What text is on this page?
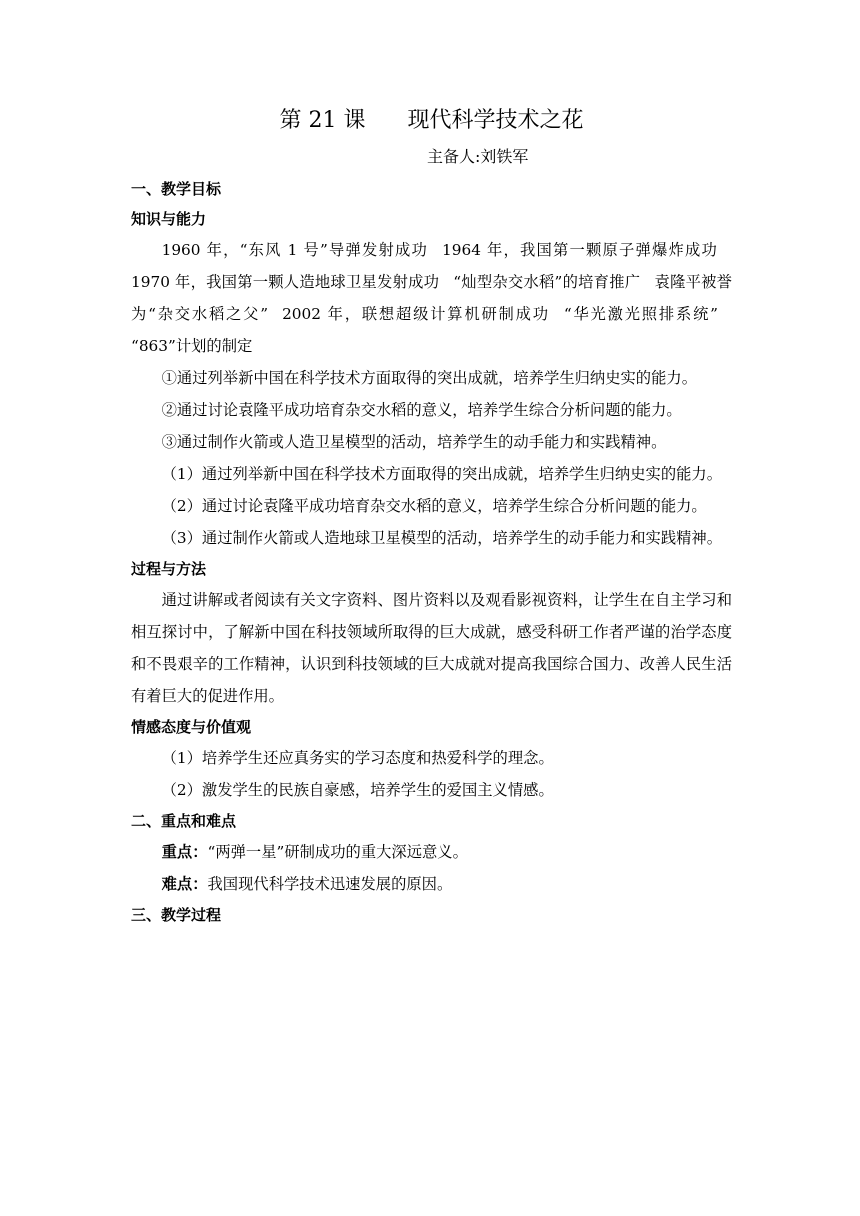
第 21 课 现代科学技术之花
主备人:刘铁军
一、教学目标
知识与能力

1960 年，“东风 1 号”导弹发射成功 1964 年，我国第一颗原子弹爆炸成功1970 年，我国第一颗人造地球卫星发射成功 “灿型杂交水稻”的培育推广 袁隆平被誉为“杂交水稻之父” 2002 年，联想超级计算机研制成功 “华光激光照排系统”“863”计划的制定

①通过列举新中国在科学技术方面取得的突出成就，培养学生归纳史实的能力。

②通过讨论袁隆平成功培育杂交水稻的意义，培养学生综合分析问题的能力。

③通过制作火箭或人造卫星模型的活动，培养学生的动手能力和实践精神。

（1）通过列举新中国在科学技术方面取得的突出成就，培养学生归纳史实的能力。

（2）通过讨论袁隆平成功培育杂交水稻的意义，培养学生综合分析问题的能力。

（3）通过制作火箭或人造地球卫星模型的活动，培养学生的动手能力和实践精神。

过程与方法

通过讲解或者阅读有关文字资料、图片资料以及观看影视资料，让学生在自主学习和相互探讨中，了解新中国在科技领域所取得的巨大成就，感受科研工作者严谨的治学态度和不畏艰辛的工作精神，认识到科技领域的巨大成就对提高我国综合国力、改善人民生活有着巨大的促进作用。

情感态度与价值观

（1）培养学生还应真务实的学习态度和热爱科学的理念。

（2）激发学生的民族自豪感，培养学生的爱国主义情感。

二、重点和难点

重点：“两弹一星”研制成功的重大深远意义。

难点：我国现代科学技术迅速发展的原因。

三、教学过程
